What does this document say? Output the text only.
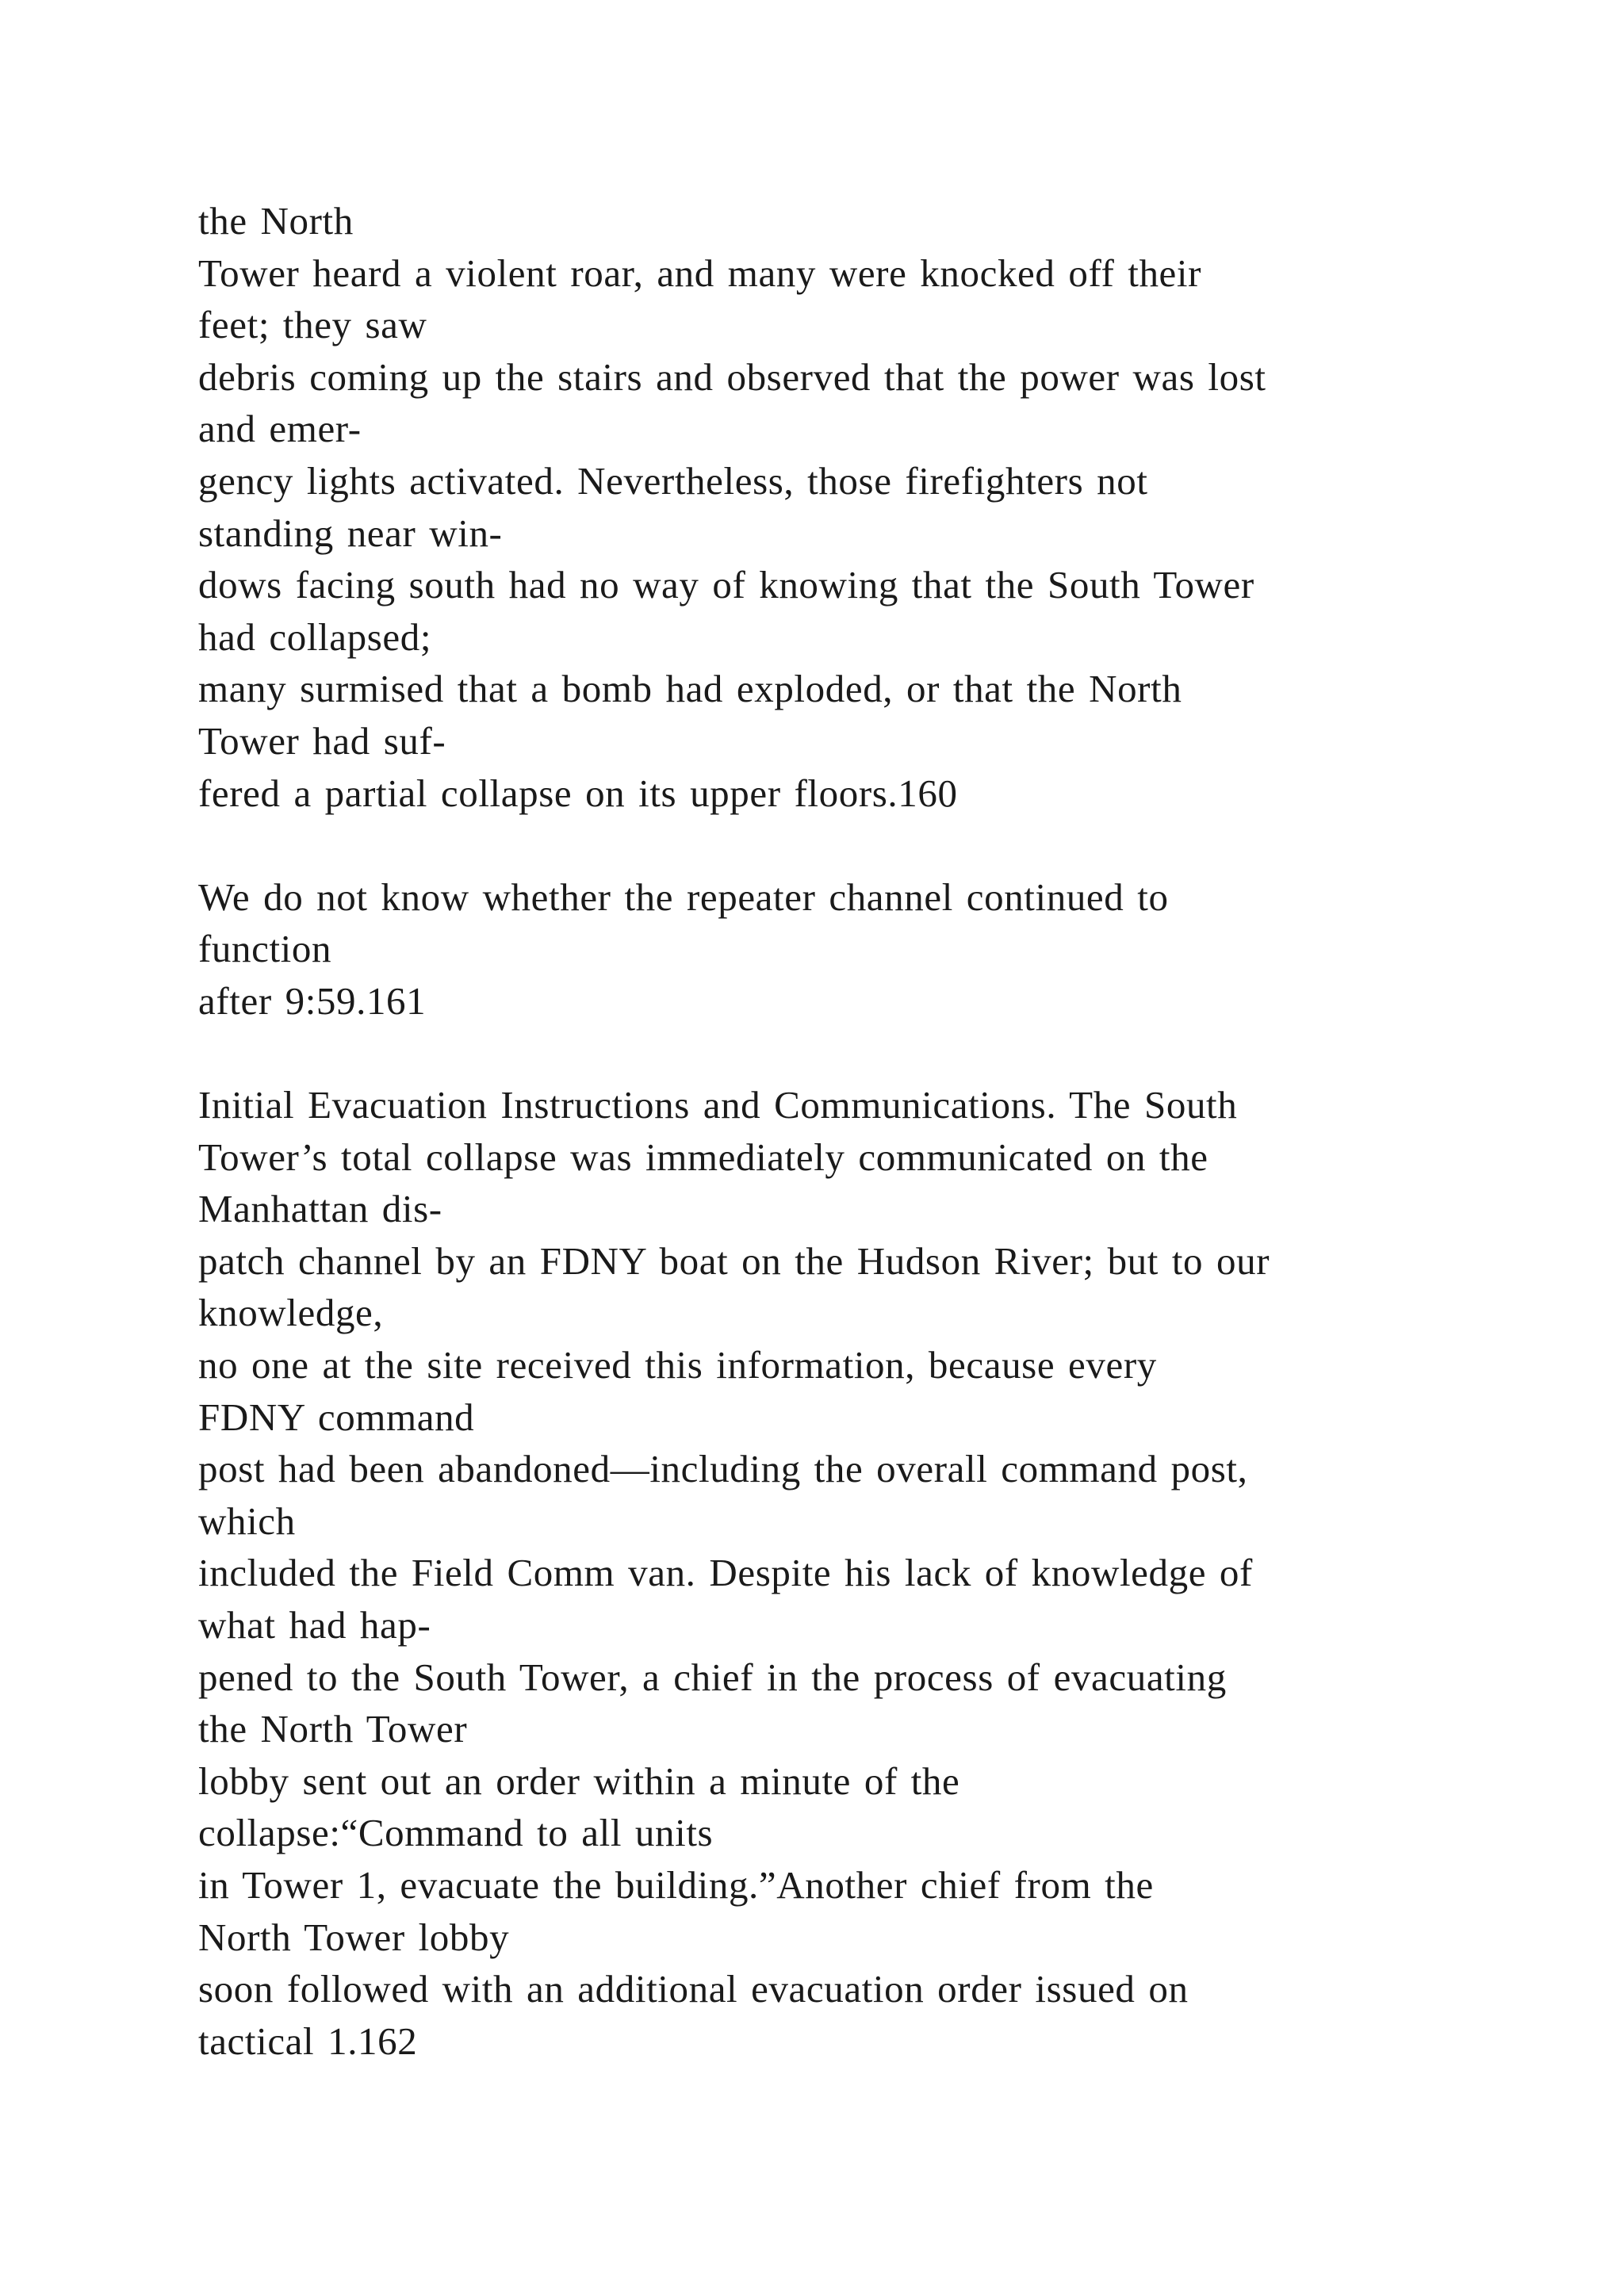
the North
Tower heard a violent roar, and many were knocked off their
feet; they saw
debris coming up the stairs and observed that the power was lost
and emer-
gency lights activated. Nevertheless, those firefighters not
standing near win-
dows facing south had no way of knowing that the South Tower
had collapsed;
many surmised that a bomb had exploded, or that the North
Tower had suf-
fered a partial collapse on its upper floors.160
We do not know whether the repeater channel continued to
function
after 9:59.161
Initial Evacuation Instructions and Communications. The South
Tower’s total collapse was immediately communicated on the
Manhattan dis-
patch channel by an FDNY boat on the Hudson River; but to our
knowledge,
no one at the site received this information, because every
FDNY command
post had been abandoned—including the overall command post,
which
included the Field Comm van. Despite his lack of knowledge of
what had hap-
pened to the South Tower, a chief in the process of evacuating
the North Tower
lobby sent out an order within a minute of the
collapse:“Command to all units
in Tower 1, evacuate the building.”Another chief from the
North Tower lobby
soon followed with an additional evacuation order issued on
tactical 1.162
